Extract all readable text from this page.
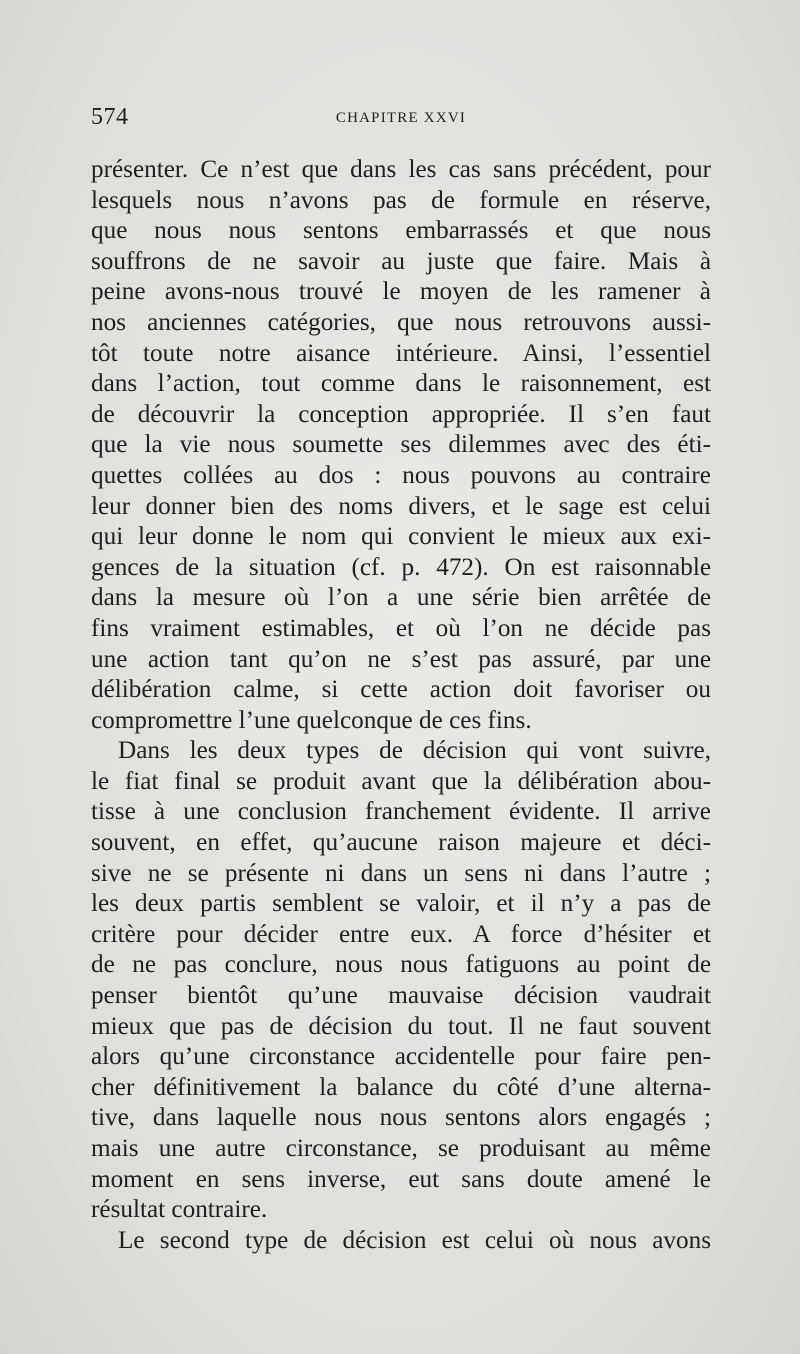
574	CHAPITRE XXVI
présenter. Ce n’est que dans les cas sans précédent, pour
lesquels nous n’avons pas de formule en réserve,
que nous nous sentons embarrassés et que nous
souffrons de ne savoir au juste que faire. Mais à
peine avons-nous trouvé le moyen de les ramener à
nos anciennes catégories, que nous retrouvons aussi-
tôt toute notre aisance intérieure. Ainsi, l’essentiel
dans l’action, tout comme dans le raisonnement, est
de découvrir la conception appropriée. Il s’en faut
que la vie nous soumette ses dilemmes avec des éti-
quettes collées au dos : nous pouvons au contraire
leur donner bien des noms divers, et le sage est celui
qui leur donne le nom qui convient le mieux aux exi-
gences de la situation (cf. p. 472). On est raisonnable
dans la mesure où l’on a une série bien arrêtée de
fins vraiment estimables, et où l’on ne décide pas
une action tant qu’on ne s’est pas assuré, par une
délibération calme, si cette action doit favoriser ou
compromettre l’une quelconque de ces fins.
Dans les deux types de décision qui vont suivre,
le fiat final se produit avant que la délibération abou-
tisse à une conclusion franchement évidente. Il arrive
souvent, en effet, qu’aucune raison majeure et déci-
sive ne se présente ni dans un sens ni dans l’autre ;
les deux partis semblent se valoir, et il n’y a pas de
critère pour décider entre eux. A force d’hésiter et
de ne pas conclure, nous nous fatiguons au point de
penser bientôt qu’une mauvaise décision vaudrait
mieux que pas de décision du tout. Il ne faut souvent
alors qu’une circonstance accidentelle pour faire pen-
cher définitivement la balance du côté d’une alterna-
tive, dans laquelle nous nous sentons alors engagés ;
mais une autre circonstance, se produisant au même
moment en sens inverse, eut sans doute amené le
résultat contraire.
Le second type de décision est celui où nous avons
